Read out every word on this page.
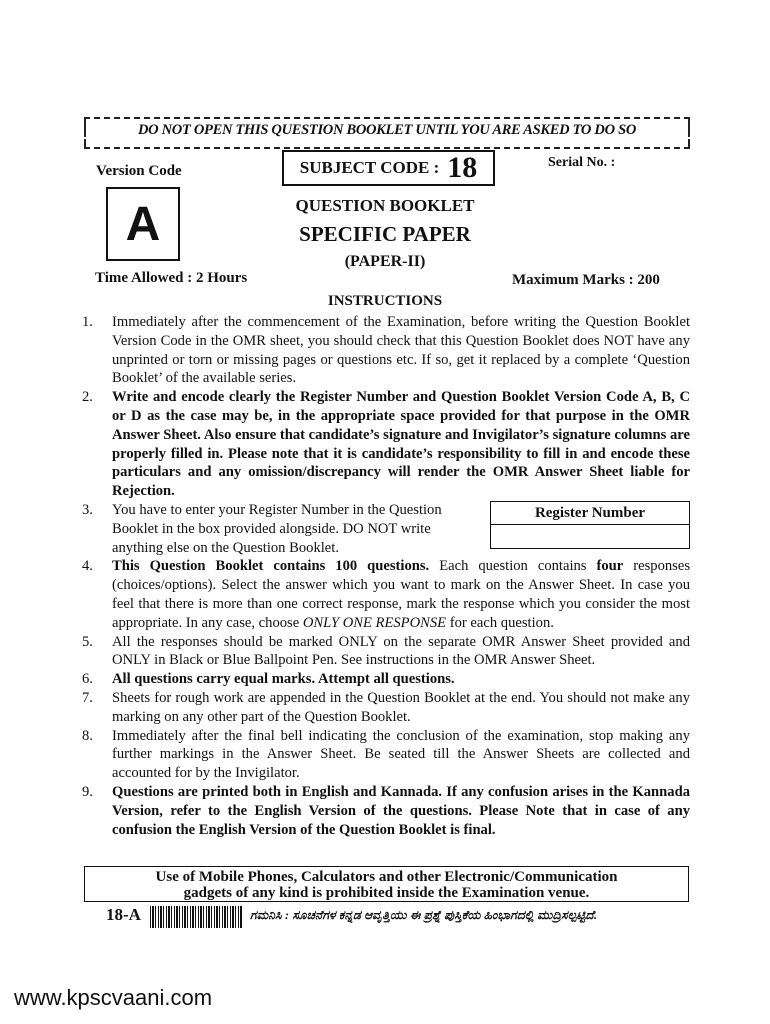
DO NOT OPEN THIS QUESTION BOOKLET UNTIL YOU ARE ASKED TO DO SO
Version Code
A
SUBJECT CODE : 18	Serial No. :
QUESTION BOOKLET
SPECIFIC PAPER
(PAPER-II)
Time Allowed : 2 Hours	Maximum Marks : 200
INSTRUCTIONS
1.	Immediately after the commencement of the Examination, before writing the Question Booklet Version Code in the OMR sheet, you should check that this Question Booklet does NOT have any unprinted or torn or missing pages or questions etc. If so, get it replaced by a complete ‘Question Booklet’ of the available series.
2.	Write and encode clearly the Register Number and Question Booklet Version Code A, B, C or D as the case may be, in the appropriate space provided for that purpose in the OMR Answer Sheet. Also ensure that candidate’s signature and Invigilator’s signature columns are properly filled in. Please note that it is candidate’s responsibility to fill in and encode these particulars and any omission/discrepancy will render the OMR Answer Sheet liable for Rejection.
3.	You have to enter your Register Number in the Question Booklet in the box provided alongside. DO NOT write anything else on the Question Booklet.
Register Number
4.	This Question Booklet contains 100 questions. Each question contains four responses (choices/options). Select the answer which you want to mark on the Answer Sheet. In case you feel that there is more than one correct response, mark the response which you consider the most appropriate. In any case, choose ONLY ONE RESPONSE for each question.
5.	All the responses should be marked ONLY on the separate OMR Answer Sheet provided and ONLY in Black or Blue Ballpoint Pen. See instructions in the OMR Answer Sheet.
6.	All questions carry equal marks. Attempt all questions.
7.	Sheets for rough work are appended in the Question Booklet at the end. You should not make any marking on any other part of the Question Booklet.
8.	Immediately after the final bell indicating the conclusion of the examination, stop making any further markings in the Answer Sheet. Be seated till the Answer Sheets are collected and accounted for by the Invigilator.
9.	Questions are printed both in English and Kannada. If any confusion arises in the Kannada Version, refer to the English Version of the questions. Please Note that in case of any confusion the English Version of the Question Booklet is final.
Use of Mobile Phones, Calculators and other Electronic/Communication
gadgets of any kind is prohibited inside the Examination venue.
18-A	ಗಮನಿಸಿ : ಸೂಚನೆಗಳ ಕನ್ನಡ ಆವೃತ್ತಿಯು ಈ ಪ್ರಶ್ನೆ ಪುಸ್ತಿಕೆಯ ಹಿಂಭಾಗದಲ್ಲಿ ಮುದ್ರಿಸಲ್ಪಟ್ಟಿದೆ.
www.kpscvaani.com
